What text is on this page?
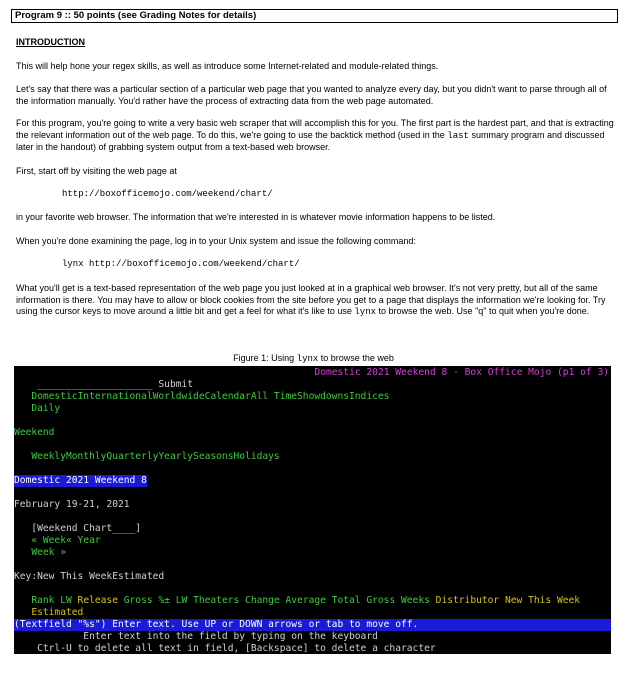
Program 9 :: 50 points (see Grading Notes for details)
INTRODUCTION
This will help hone your regex skills, as well as introduce some Internet-related and module-related things.
Let's say that there was a particular section of a particular web page that you wanted to analyze every day, but you didn't want to parse through all of the information manually. You'd rather have the process of extracting data from the web page automated.
For this program, you're going to write a very basic web scraper that will accomplish this for you. The first part is the hardest part, and that is extracting the relevant information out of the web page. To do this, we're going to use the backtick method (used in the last summary program and discussed later in the handout) of grabbing system output from a text-based web browser.
First, start off by visiting the web page at
http://boxofficemojo.com/weekend/chart/
in your favorite web browser. The information that we're interested in is whatever movie information happens to be listed.
When you're done examining the page, log in to your Unix system and issue the following command:
lynx http://boxofficemojo.com/weekend/chart/
What you'll get is a text-based representation of the web page you just looked at in a graphical web browser. It's not very pretty, but all of the same information is there. You may have to allow or block cookies from the site before you get to a page that displays the information we're looking for. Try using the cursor keys to move around a little bit and get a feel for what it's like to use lynx to browse the web. Use "q" to quit when you're done.
Figure 1: Using lynx to browse the web
Domestic 2021 Weekend 8 - Box Office Mojo (p1 of 3)
____________________ Submit
DomesticInternationalWorldwideCalendarAll TimeShowdownsIndices
Daily
Weekend
WeeklyMonthlyQuarterlyYearlySeasonsHolidays
Domestic 2021 Weekend 8
February 19-21, 2021
[Weekend Chart____]
« Week« Year
Week »
Key:New This WeekEstimated
Rank LW Release Gross %± LW Theaters Change Average Total Gross Weeks Distributor New This Week
Estimated
(Textfield "%s") Enter text. Use UP or DOWN arrows or tab to move off.
Enter text into the field by typing on the keyboard
Ctrl-U to delete all text in field, [Backspace] to delete a character
